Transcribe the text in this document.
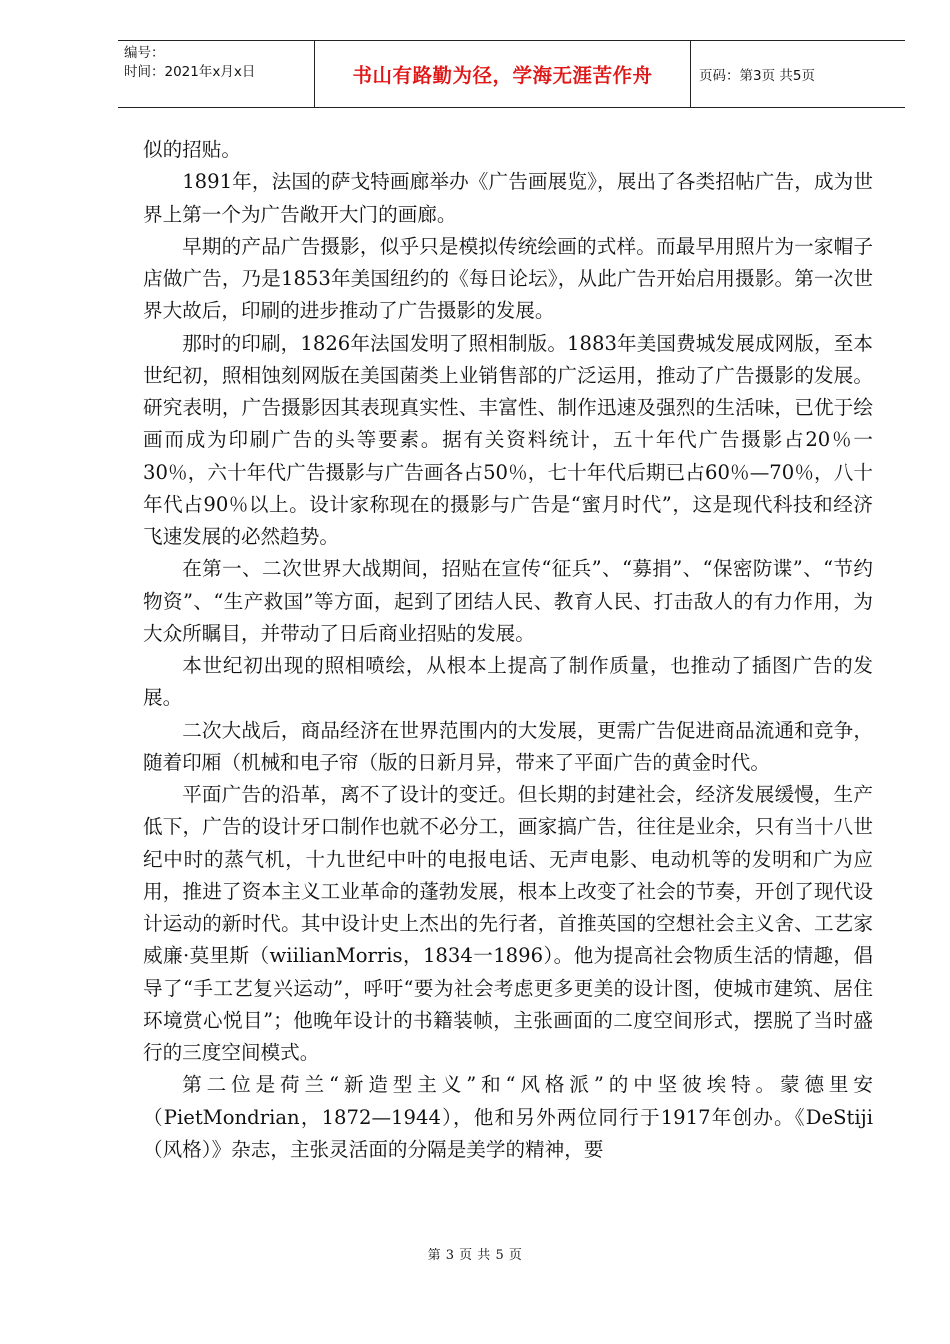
编号：
时间：2021年x月x日	书山有路勤为径，学海无涯苦作舟	页码：第3页 共5页

似的招贴。

1891年，法国的萨戈特画廊举办《广告画展览》，展出了各类招帖广告，成为世界上第一个为广告敞开大门的画廊。

早期的产品广告摄影，似乎只是模拟传统绘画的式样。而最早用照片为一家帽子店做广告，乃是1853年美国纽约的《每日论坛》，从此广告开始启用摄影。第一次世界大故后，印刷的进步推动了广告摄影的发展。

那时的印刷，1826年法国发明了照相制版。1883年美国费城发展成网版，至本世纪初，照相蚀刻网版在美国菌类上业销售部的广泛运用，推动了广告摄影的发展。研究表明，广告摄影因其表现真实性、丰富性、制作迅速及强烈的生活味，已优于绘画而成为印刷广告的头等要素。据有关资料统计，五十年代广告摄影占20％一30％，六十年代广告摄影与广告画各占50％，七十年代后期已占60％—70％，八十年代占90％以上。设计家称现在的摄影与广告是“蜜月时代”，这是现代科技和经济飞速发展的必然趋势。

在第一、二次世界大战期间，招贴在宣传“征兵”、“募捐”、“保密防谍”、“节约物资”、“生产救国”等方面，起到了团结人民、教育人民、打击敌人的有力作用，为大众所瞩目，并带动了日后商业招贴的发展。

本世纪初出现的照相喷绘，从根本上提高了制作质量，也推动了插图广告的发展。

二次大战后，商品经济在世界范围内的大发展，更需广告促进商品流通和竞争，随着印厢（机械和电子帘（版的日新月异，带来了平面广告的黄金时代。

平面广告的沿革，离不了设计的变迁。但长期的封建社会，经济发展缓慢，生产低下，广告的设计牙口制作也就不必分工，画家搞广告，往往是业余，只有当十八世纪中时的蒸气机，十九世纪中叶的电报电话、无声电影、电动机等的发明和广为应用，推进了资本主义工业革命的蓬勃发展，根本上改变了社会的节奏，开创了现代设计运动的新时代。其中设计史上杰出的先行者，首推英国的空想社会主义舍、工艺家威廉·莫里斯（wiilianMorris，1834一1896）。他为提高社会物质生活的情趣，倡导了“手工艺复兴运动”，呼吁“要为社会考虑更多更美的设计图，使城市建筑、居住环境赏心悦目”；他晚年设计的书籍装帧，主张画面的二度空间形式，摆脱了当时盛行的三度空间模式。

第二位是荷兰“新造型主义”和“风格派”的中坚彼埃特。蒙德里安（PietMondrian，1872—1944），他和另外两位同行于1917年创办。《DeStiji（风格）》杂志，主张灵活面的分隔是美学的精神，要

第 3 页 共 5 页
